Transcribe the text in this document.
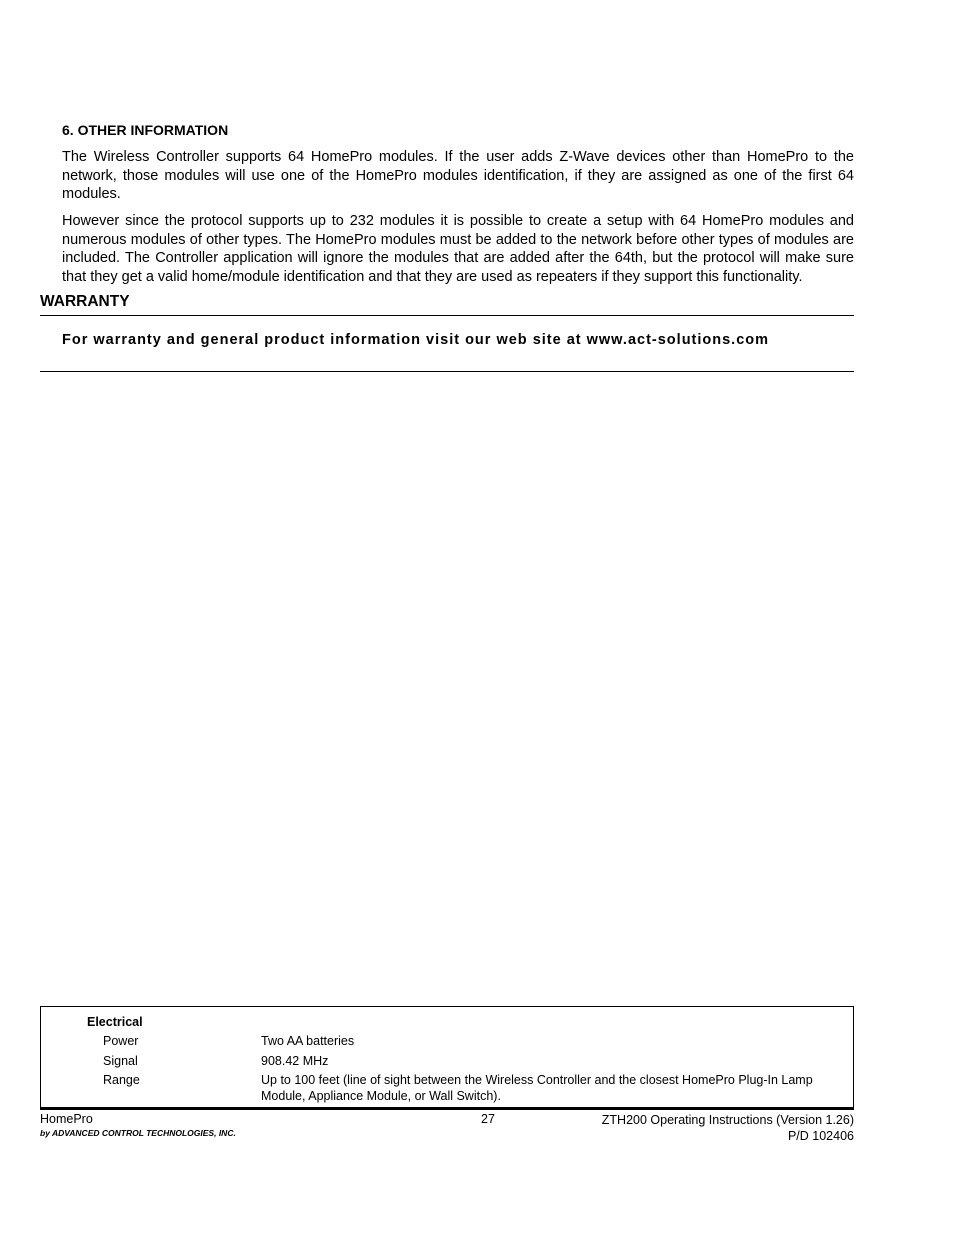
6. OTHER INFORMATION

The Wireless Controller supports 64 HomePro modules. If the user adds Z-Wave devices other than HomePro to the network, those modules will use one of the HomePro modules identification, if they are assigned as one of the first 64 modules.

However since the protocol supports up to 232 modules it is possible to create a setup with 64 HomePro modules and numerous modules of other types. The HomePro modules must be added to the network before other types of modules are included. The Controller application will ignore the modules that are added after the 64th, but the protocol will make sure that they get a valid home/module identification and that they are used as repeaters if they support this functionality.

WARRANTY

For warranty and general product information visit our web site at www.act-solutions.com

Electrical
Power	Two AA batteries
Signal	908.42 MHz
Range	Up to 100 feet (line of sight between the Wireless Controller and the closest HomePro Plug-In Lamp Module, Appliance Module, or Wall Switch).
HomePro
by ADVANCED CONTROL TECHNOLOGIES, INC.
27	ZTH200 Operating Instructions (Version 1.26)
P/D 102406
